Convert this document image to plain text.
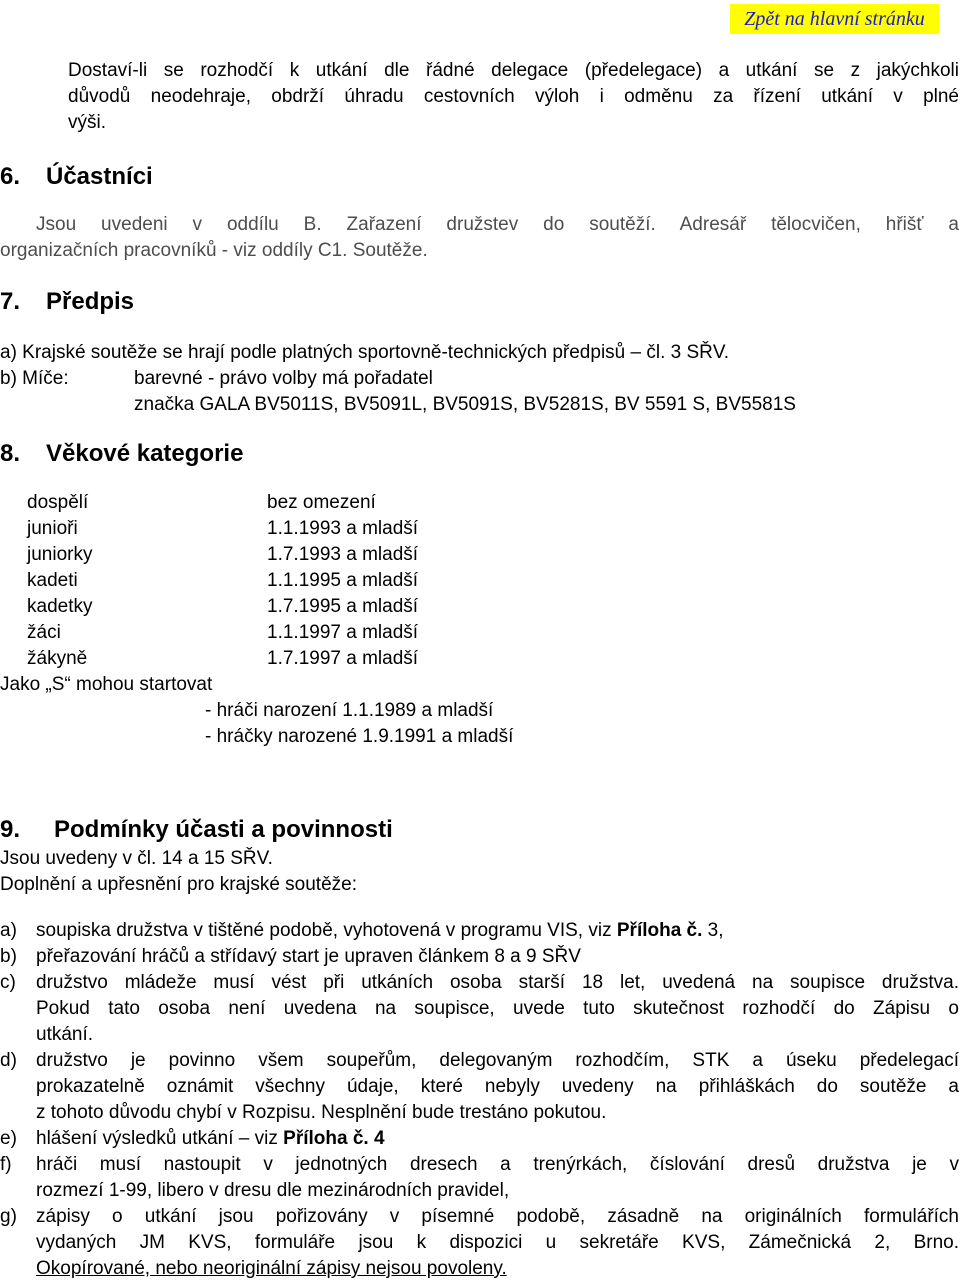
Zpět na hlavní stránku
Dostaví-li se rozhodčí k utkání dle řádné delegace (předelegace) a utkání se z jakýchkoli
důvodů neodehraje, obdrží úhradu cestovních výloh i odměnu za řízení utkání v plné
výši.
6. Účastníci
Jsou uvedeni v oddílu B. Zařazení družstev do soutěží. Adresář tělocvičen, hřišť a
organizačních pracovníků - viz oddíly C1. Soutěže.
7. Předpis
a) Krajské soutěže se hrají podle platných sportovně-technických předpisů – čl. 3 SŘV.
b) Míče:	barevné - právo volby má pořadatel
značka GALA BV5011S, BV5091L, BV5091S, BV5281S, BV 5591 S, BV5581S
8. Věkové kategorie
dospělí	bez omezení
junioři	1.1.1993 a mladší
juniorky	1.7.1993 a mladší
kadeti	1.1.1995 a mladší
kadetky	1.7.1995 a mladší
žáci	1.1.1997 a mladší
žákyně	1.7.1997 a mladší
Jako „S“ mohou startovat
- hráči narození 1.1.1989 a mladší
- hráčky narozené 1.9.1991 a mladší
9. Podmínky účasti a povinnosti
Jsou uvedeny v čl. 14 a 15 SŘV.
Doplnění a upřesnění pro krajské soutěže:
a) soupiska družstva v tištěné podobě, vyhotovená v programu VIS, viz Příloha č. 3,
b) přeřazování hráčů a střídavý start je upraven článkem 8 a 9 SŘV
c) družstvo mládeže musí vést při utkáních osoba starší 18 let, uvedená na soupisce družstva.
Pokud tato osoba není uvedena na soupisce, uvede tuto skutečnost rozhodčí do Zápisu o
utkání.
d) družstvo je povinno všem soupeřům, delegovaným rozhodčím, STK a úseku předelegací
prokazatelně oznámit všechny údaje, které nebyly uvedeny na přihláškách do soutěže a
z tohoto důvodu chybí v Rozpisu. Nesplnění bude trestáno pokutou.
e) hlášení výsledků utkání – viz Příloha č. 4
f) hráči musí nastoupit v jednotných dresech a trenýrkách, číslování dresů družstva je v
rozmezí 1-99, libero v dresu dle mezinárodních pravidel,
g) zápisy o utkání jsou pořizovány v písemné podobě, zásadně na originálních formulářích
vydaných JM KVS, formuláře jsou k dispozici u sekretáře KVS, Zámečnická 2, Brno.
Okopírované, nebo neoriginální zápisy nejsou povoleny.
